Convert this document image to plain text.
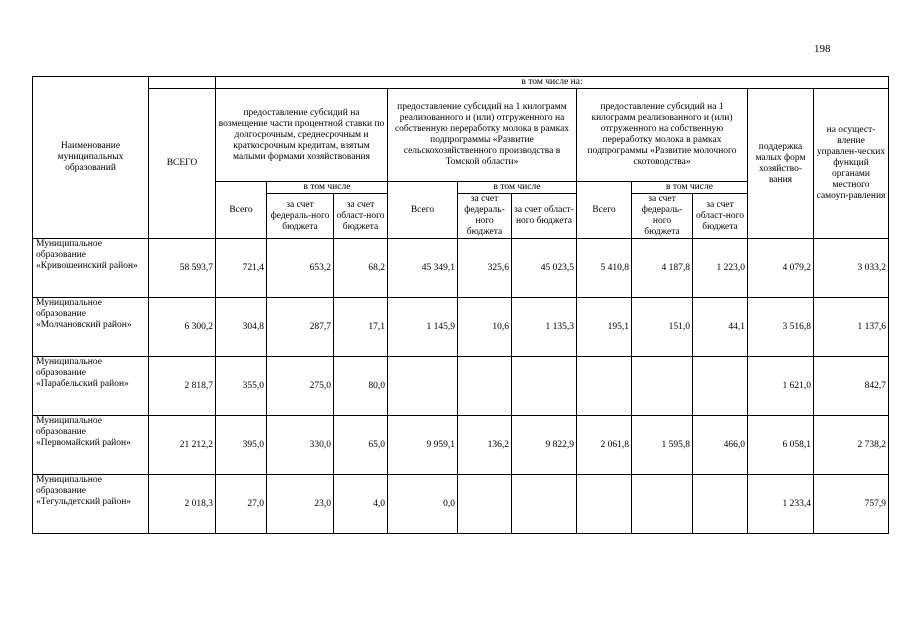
198
Наименование муниципальных образований		в том числе на:										
	ВСЕГО	предоставление субсидий на возмещение части процентной ставки по долгосрочным, среднесрочным и краткосрочным кредитам, взятым малыми формами хозяйствования			предоставление субсидий на 1 килограмм реализованного и (или) отгруженного на собственную переработку молока в рамках подпрограммы «Развитие сельскохозяйственного производства в Томской области»			предоставление субсидий на 1 килограмм реализованного и (или) отгруженного на собственную переработку молока в рамках подпрограммы «Развитие молочного скотоводства»			поддержка малых форм хозяйство-вания	на осущест-вление управлен-ческих функций органами местного самоуп-равления
		Всего	в том числе		Всего	в том числе		Всего	в том числе			
			за счет федераль-ного бюджета	за счет област-ного бюджета		за счет федераль-ного бюджета	за счет област-ного бюджета		за счет федераль-ного бюджета	за счет област-ного бюджета		
Муниципальное образование «Кривошеинский район»	58 593,7	721,4	653,2	68,2	45 349,1	325,6	45 023,5	5 410,8	4 187,8	1 223,0	4 079,2	3 033,2
Муниципальное образование «Молчановский район»	6 300,2	304,8	287,7	17,1	1 145,9	10,6	1 135,3	195,1	151,0	44,1	3 516,8	1 137,6
Муниципальное образование «Парабельский район»	2 818,7	355,0	275,0	80,0							1 621,0	842,7
Муниципальное образование «Первомайский район»	21 212,2	395,0	330,0	65,0	9 959,1	136,2	9 822,9	2 061,8	1 595,8	466,0	6 058,1	2 738,2
Муниципальное образование «Тегульдетский район»	2 018,3	27,0	23,0	4,0	0,0						1 233,4	757,9
